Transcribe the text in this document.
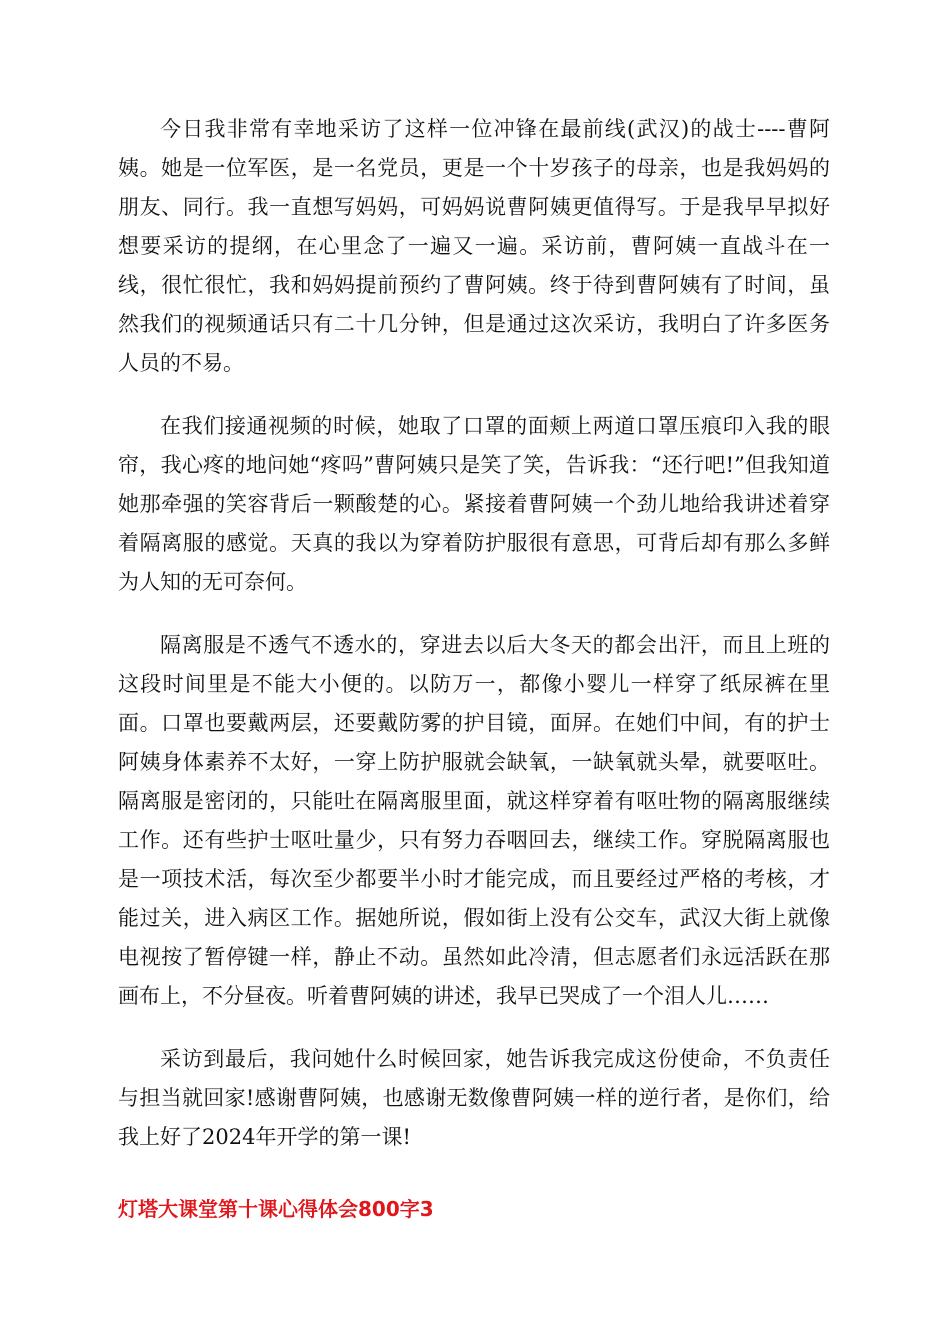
今日我非常有幸地采访了这样一位冲锋在最前线(武汉)的战士----曹阿姨。她是一位军医，是一名党员，更是一个十岁孩子的母亲，也是我妈妈的朋友、同行。我一直想写妈妈，可妈妈说曹阿姨更值得写。于是我早早拟好想要采访的提纲，在心里念了一遍又一遍。采访前，曹阿姨一直战斗在一线，很忙很忙，我和妈妈提前预约了曹阿姨。终于待到曹阿姨有了时间，虽然我们的视频通话只有二十几分钟，但是通过这次采访，我明白了许多医务人员的不易。

在我们接通视频的时候，她取了口罩的面颊上两道口罩压痕印入我的眼帘，我心疼的地问她“疼吗”曹阿姨只是笑了笑，告诉我：“还行吧!”但我知道她那牵强的笑容背后一颗酸楚的心。紧接着曹阿姨一个劲儿地给我讲述着穿着隔离服的感觉。天真的我以为穿着防护服很有意思，可背后却有那么多鲜为人知的无可奈何。

隔离服是不透气不透水的，穿进去以后大冬天的都会出汗，而且上班的这段时间里是不能大小便的。以防万一，都像小婴儿一样穿了纸尿裤在里面。口罩也要戴两层，还要戴防雾的护目镜，面屏。在她们中间，有的护士阿姨身体素养不太好，一穿上防护服就会缺氧，一缺氧就头晕，就要呕吐。隔离服是密闭的，只能吐在隔离服里面，就这样穿着有呕吐物的隔离服继续工作。还有些护士呕吐量少，只有努力吞咽回去，继续工作。穿脱隔离服也是一项技术活，每次至少都要半小时才能完成，而且要经过严格的考核，才能过关，进入病区工作。据她所说，假如街上没有公交车，武汉大街上就像电视按了暂停键一样，静止不动。虽然如此冷清，但志愿者们永远活跃在那画布上，不分昼夜。听着曹阿姨的讲述，我早已哭成了一个泪人儿……

采访到最后，我问她什么时候回家，她告诉我完成这份使命，不负责任与担当就回家!感谢曹阿姨，也感谢无数像曹阿姨一样的逆行者，是你们，给我上好了2024年开学的第一课!

灯塔大课堂第十课心得体会800字3
